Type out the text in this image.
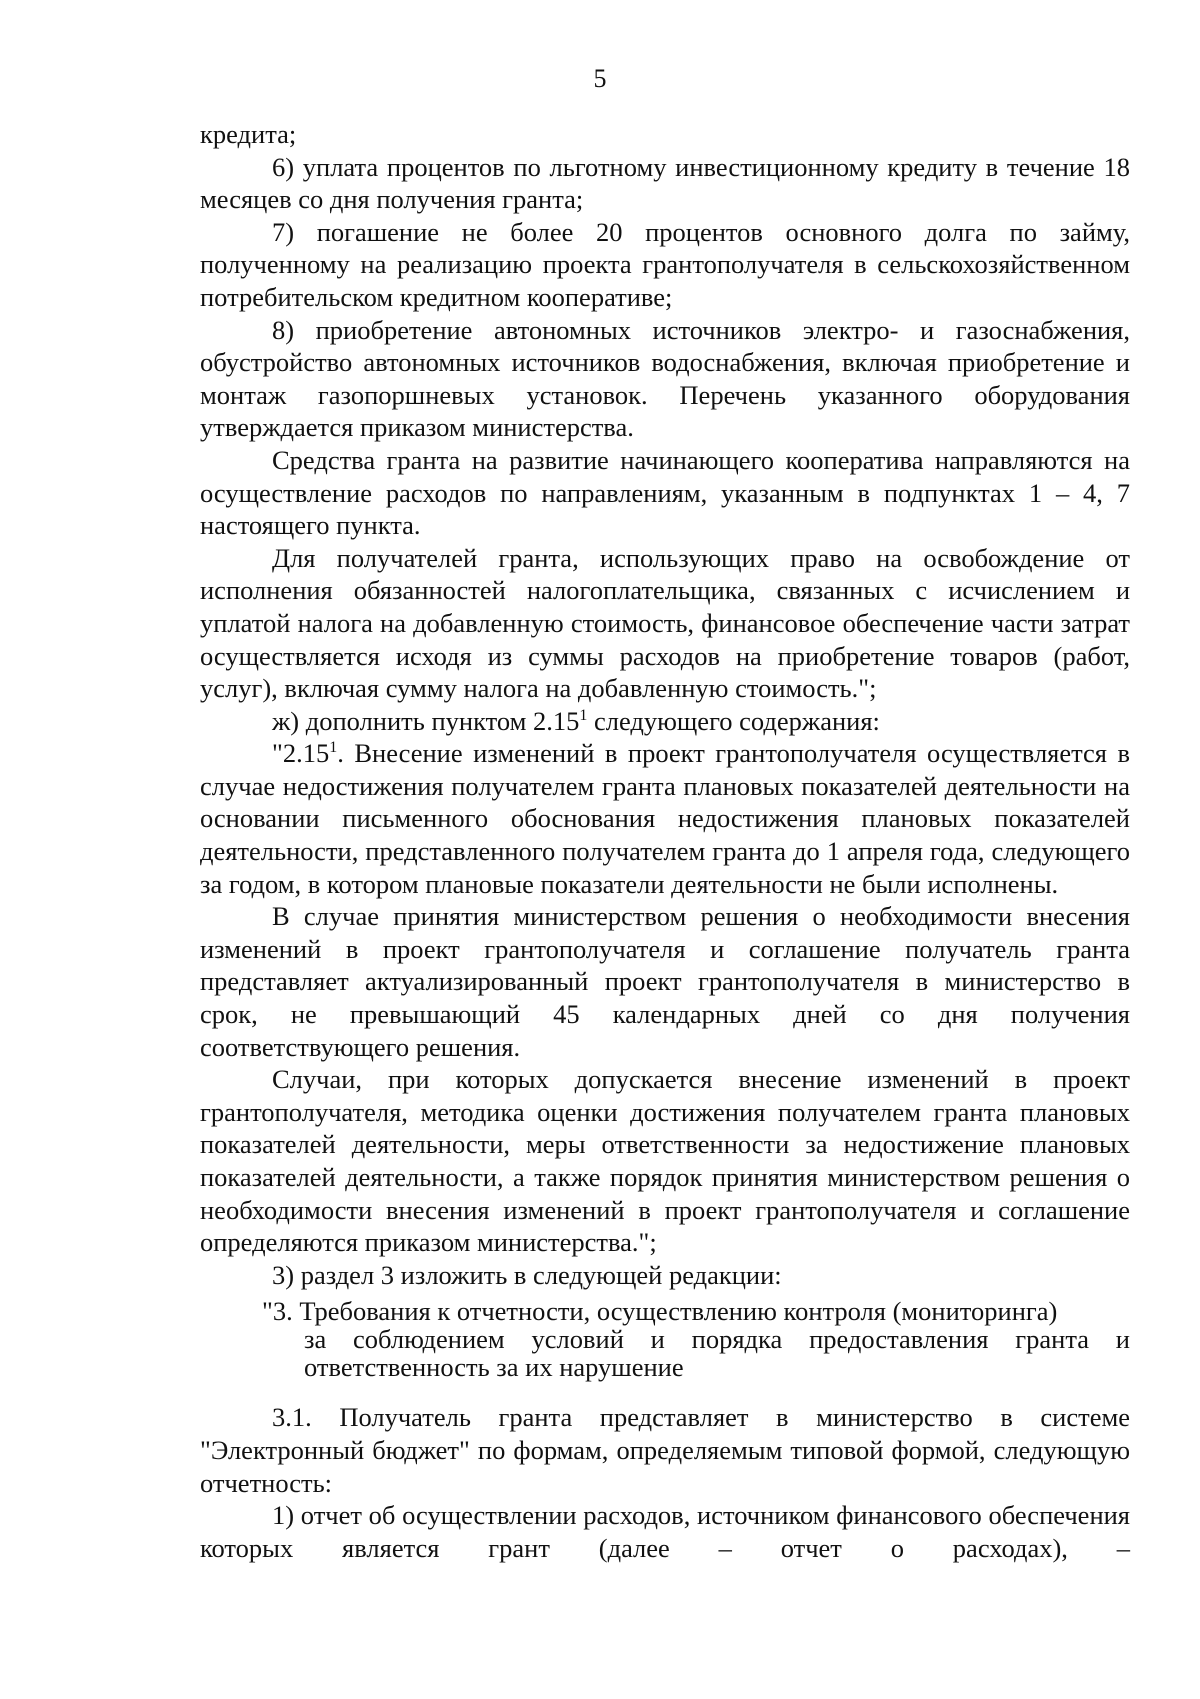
5

кредита;

6) уплата процентов по льготному инвестиционному кредиту в течение 18 месяцев со дня получения гранта;

7) погашение не более 20 процентов основного долга по займу, полученному на реализацию проекта грантополучателя в сельскохозяйственном потребительском кредитном кооперативе;

8) приобретение автономных источников электро- и газоснабжения, обустройство автономных источников водоснабжения, включая приобретение и монтаж газопоршневых установок. Перечень указанного оборудования утверждается приказом министерства.

Средства гранта на развитие начинающего кооператива направляются на осуществление расходов по направлениям, указанным в подпунктах 1 – 4, 7 настоящего пункта.

Для получателей гранта, использующих право на освобождение от исполнения обязанностей налогоплательщика, связанных с исчислением и уплатой налога на добавленную стоимость, финансовое обеспечение части затрат осуществляется исходя из суммы расходов на приобретение товаров (работ, услуг), включая сумму налога на добавленную стоимость.";

ж) дополнить пунктом 2.15$^1$ следующего содержания:

"2.15$^1$. Внесение изменений в проект грантополучателя осуществляется в случае недостижения получателем гранта плановых показателей деятельности на основании письменного обоснования недостижения плановых показателей деятельности, представленного получателем гранта до 1 апреля года, следующего за годом, в котором плановые показатели деятельности не были исполнены.

В случае принятия министерством решения о необходимости внесения изменений в проект грантополучателя и соглашение получатель гранта представляет актуализированный проект грантополучателя в министерство в срок, не превышающий 45 календарных дней со дня получения соответствующего решения.

Случаи, при которых допускается внесение изменений в проект грантополучателя, методика оценки достижения получателем гранта плановых показателей деятельности, меры ответственности за недостижение плановых показателей деятельности, а также порядок принятия министерством решения о необходимости внесения изменений в проект грантополучателя и соглашение определяются приказом министерства.";

3) раздел 3 изложить в следующей редакции:

"3. Требования к отчетности, осуществлению контроля (мониторинга)
за соблюдением условий и порядка предоставления гранта и
ответственность за их нарушение

3.1. Получатель гранта представляет в министерство в системе "Электронный бюджет" по формам, определяемым типовой формой, следующую отчетность:

1) отчет об осуществлении расходов, источником финансового обеспечения которых является грант (далее – отчет о расходах), –
